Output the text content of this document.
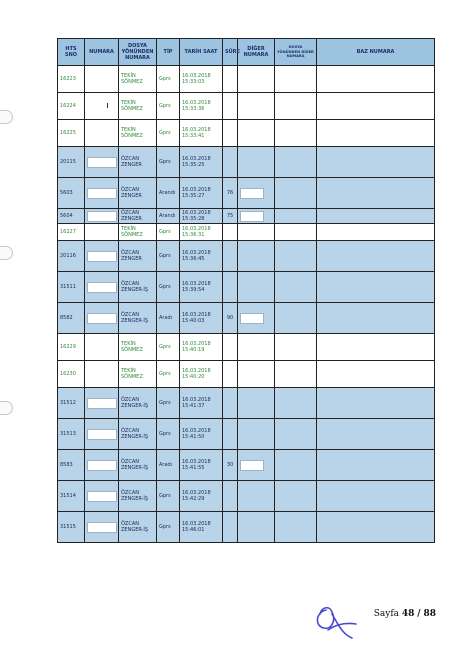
HTS SNO	NUMARA	DOSYA YÖNÜNDEN NUMARA	TİP	TARİH SAAT	SÜRE	DİĞER NUMARA	DOSYA YÖNÜNDEN DİĞER NUMARA	BAZ NUMARA
16223		TEKİN SÖNMEZ	Gprs	16.03.2018
15:33:03				

16224		TEKİN SÖNMEZ	Gprs	16.03.2018
15:33:36				

16225		TEKİN SÖNMEZ	Gprs	16.03.2018
15:33:41				

20115		ÖZCAN ZENGER	Gprs	16.03.2018
15:35:25				

5603		ÖZCAN ZENGER	Arandı	16.03.2018
15:35:27	76	

5604		ÖZCAN ZENGER	Arandı	16.03.2018
15:35:28	75	

16227		TEKİN SÖNMEZ	Gprs	16.03.2018
15:36:31				

20116		ÖZCAN ZENGER	Gprs	16.03.2018
15:36:45				

31511		ÖZCAN ZENGER-İŞ	Gprs	16.03.2018
15:39:54				

8582		ÖZCAN ZENGER-İŞ	Aradı	16.03.2018
15:40:03	90	

16229		TEKİN SÖNMEZ	Gprs	16.03.2018
15:40:19				

16230		TEKİN SÖNMEZ	Gprs	16.03.2018
15:40:20				

31512		ÖZCAN ZENGER-İŞ	Gprs	16.03.2018
15:41:37				

31513		ÖZCAN ZENGER-İŞ	Gprs	16.03.2018
15:41:50				

8583		ÖZCAN ZENGER-İŞ	Aradı	16.03.2018
15:41:55	30	

31514		ÖZCAN ZENGER-İŞ	Gprs	16.03.2018
15:42:29				

31515		ÖZCAN ZENGER-İŞ	Gprs	16.03.2018
15:46:01				

Sayfa 48 / 88
